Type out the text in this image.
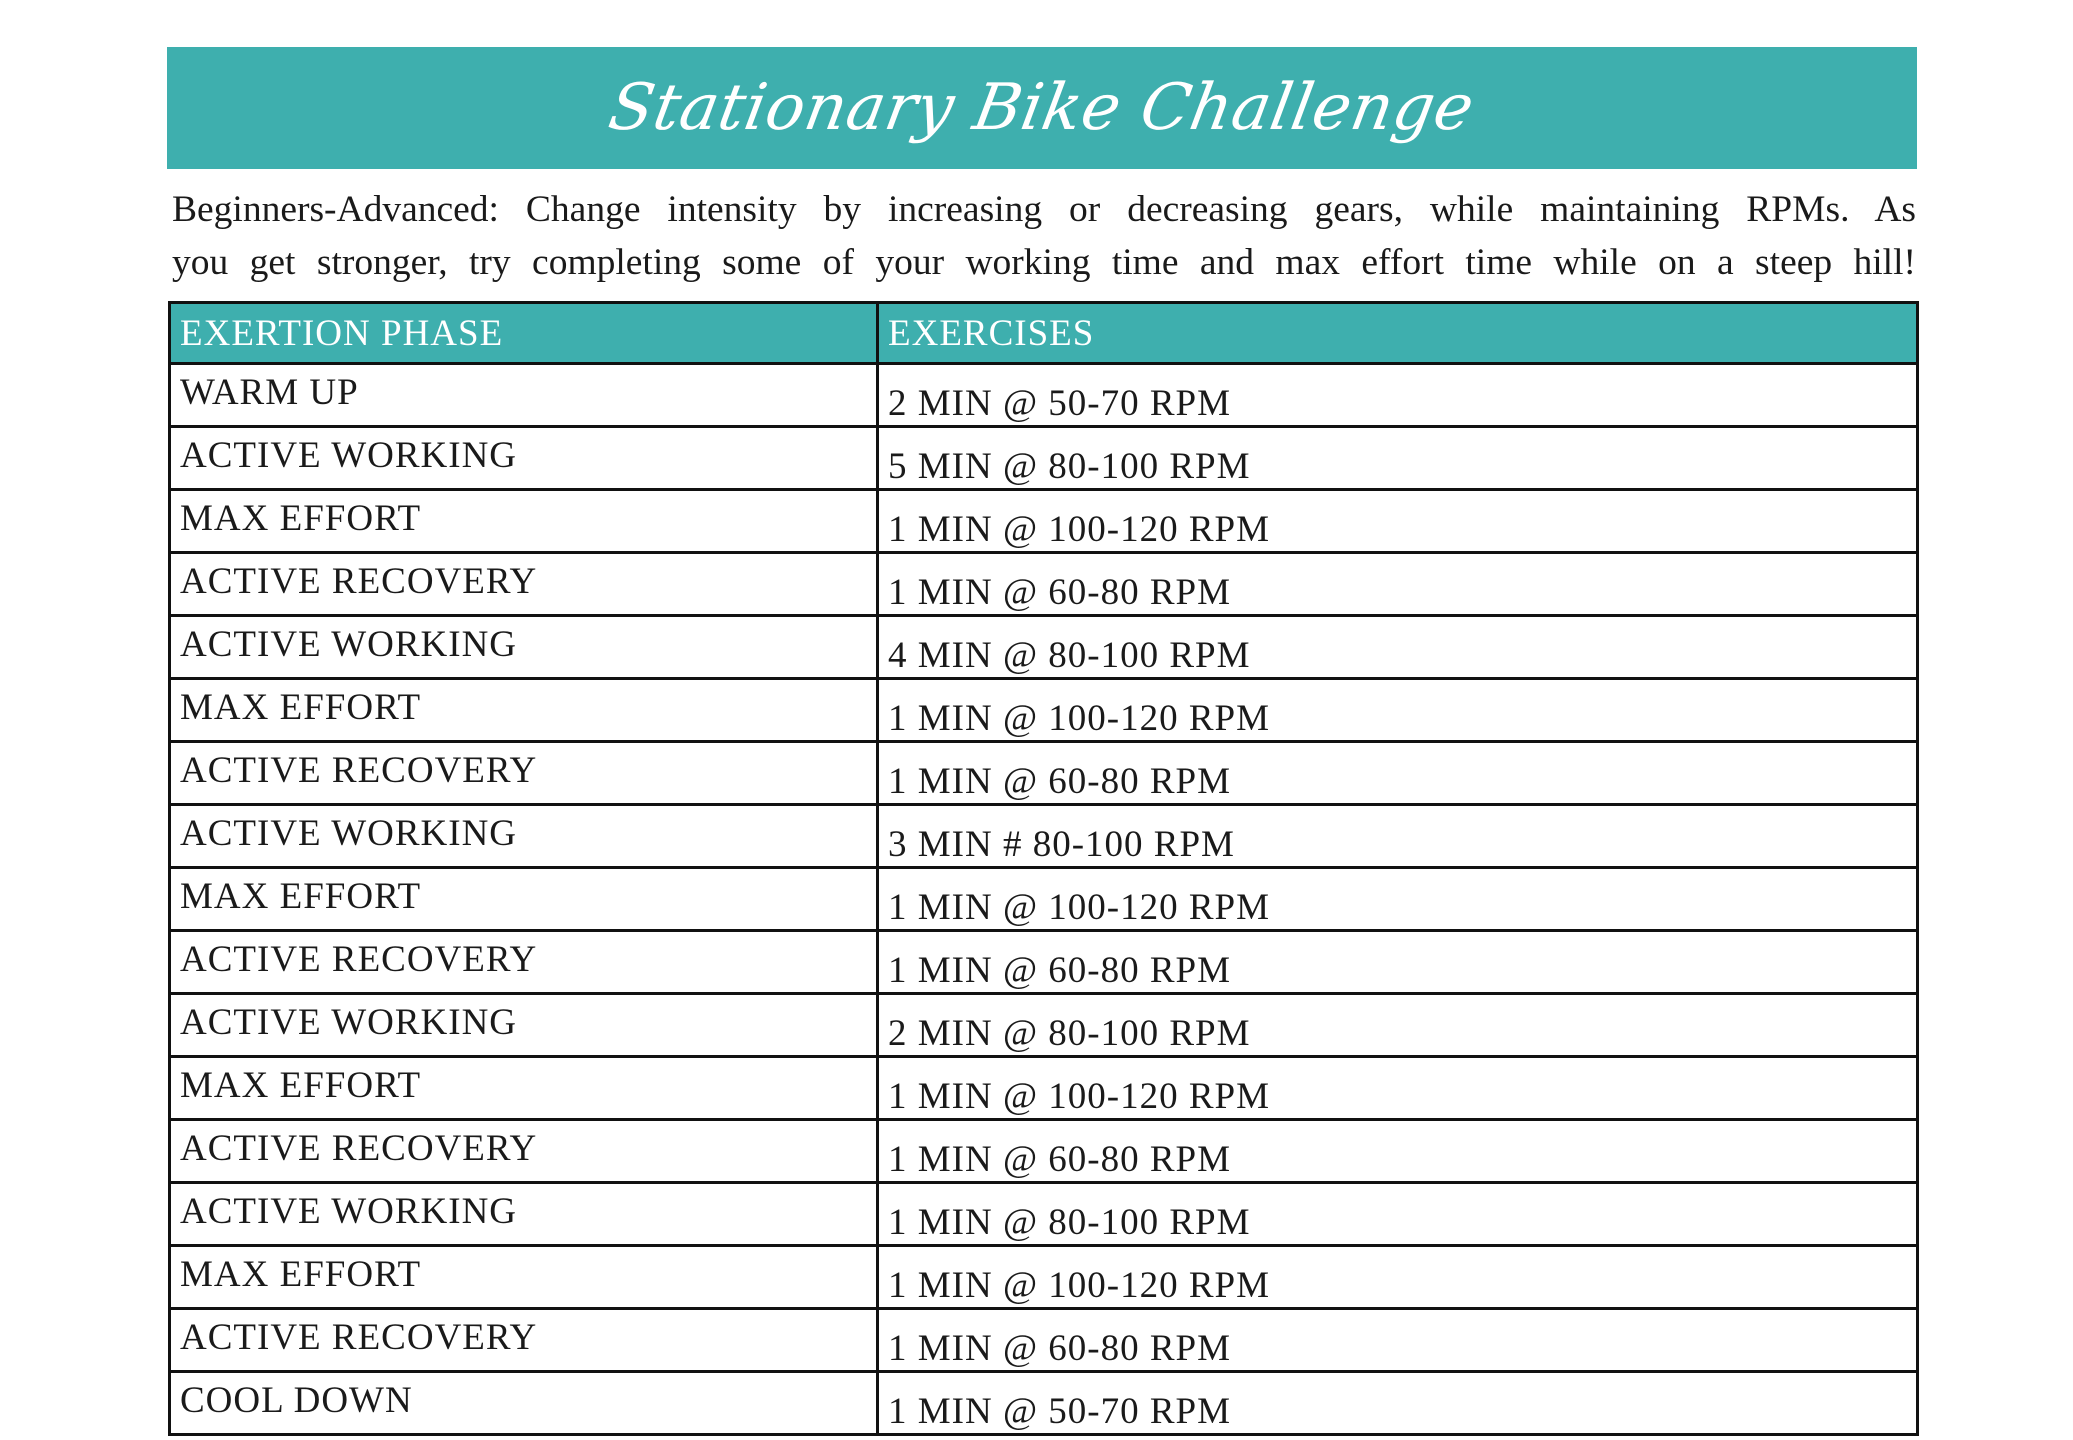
Stationary Bike Challenge
Beginners-Advanced: Change intensity by increasing or decreasing gears, while maintaining RPMs. As
you get stronger, try completing some of your working time and max effort time while on a steep hill!
EXERTION PHASE	EXERCISES
WARM UP	2 MIN @ 50-70 RPM
ACTIVE WORKING	5 MIN @ 80-100 RPM
MAX EFFORT	1 MIN @ 100-120 RPM
ACTIVE RECOVERY	1 MIN @ 60-80 RPM
ACTIVE WORKING	4 MIN @ 80-100 RPM
MAX EFFORT	1 MIN @ 100-120 RPM
ACTIVE RECOVERY	1 MIN @ 60-80 RPM
ACTIVE WORKING	3 MIN # 80-100 RPM
MAX EFFORT	1 MIN @ 100-120 RPM
ACTIVE RECOVERY	1 MIN @ 60-80 RPM
ACTIVE WORKING	2 MIN @ 80-100 RPM
MAX EFFORT	1 MIN @ 100-120 RPM
ACTIVE RECOVERY	1 MIN @ 60-80 RPM
ACTIVE WORKING	1 MIN @ 80-100 RPM
MAX EFFORT	1 MIN @ 100-120 RPM
ACTIVE RECOVERY	1 MIN @ 60-80 RPM
COOL DOWN	1 MIN @ 50-70 RPM
